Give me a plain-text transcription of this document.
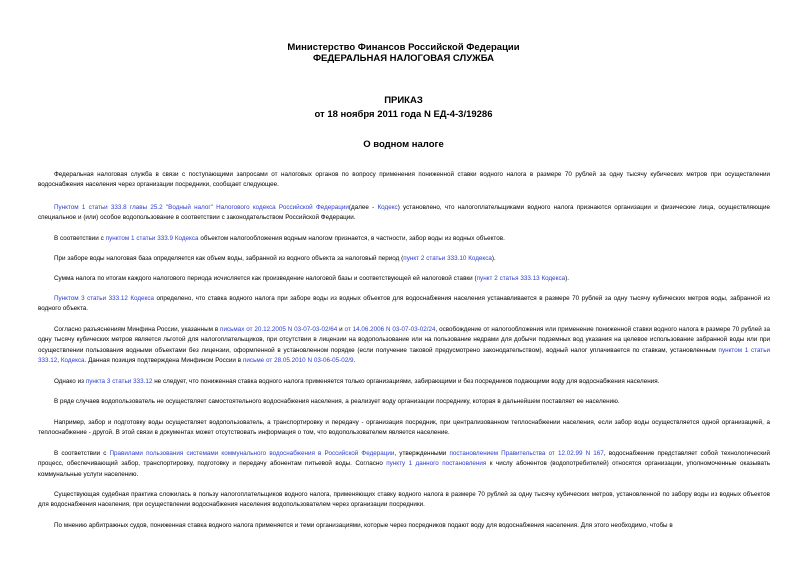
Министерство Финансов Российской Федерации
ФЕДЕРАЛЬНАЯ НАЛОГОВАЯ СЛУЖБА
ПРИКАЗ
от 18 ноября 2011 года N ЕД-4-3/19286
О водном налоге

Федеральная налоговая служба в связи с поступающими запросами от налоговых органов по вопросу применения пониженной ставки водного налога в размере 70 рублей за одну тысячу кубических метров при осуществлении водоснабжения населения через организации посредники, сообщает следующее.

Пунктом 1 статьи 333.8 главы 25.2 "Водный налог" Налогового кодекса Российской Федерации(далее - Кодекс) установлено, что налогоплательщиками водного налога признаются организации и физические лица, осуществляющие специальное и (или) особое водопользование в соответствии с законодательством Российской Федерации.

В соответствии с пунктом 1 статьи 333.9 Кодекса объектом налогообложения водным налогом признается, в частности, забор воды из водных объектов.

При заборе воды налоговая база определяется как объем воды, забранной из водного объекта за налоговый период (пункт 2 статьи 333.10 Кодекса).

Сумма налога по итогам каждого налогового периода исчисляется как произведение налоговой базы и соответствующей ей налоговой ставки (пункт 2 статья 333.13 Кодекса).

Пунктом 3 статьи 333.12 Кодекса определено, что ставка водного налога при заборе воды из водных объектов для водоснабжения населения устанавливается в размере 70 рублей за одну тысячу кубических метров воды, забранной из водного объекта.

Согласно разъяснениям Минфина России, указанным в письмах от 20.12.2005 N 03-07-03-02/64 и от 14.06.2006 N 03-07-03-02/24, освобождение от налогообложения или применение пониженной ставки водного налога в размере 70 рублей за одну тысячу кубических метров является льготой для налогоплательщиков, при отсутствии в лицензии на водопользование или на пользование недрами для добычи подземных вод указания на целевое использование забранной воды или при осуществлении пользования водными объектами без лицензии, оформленной в установленном порядке (если получение таковой предусмотрено законодательством), водный налог уплачивается по ставкам, установленным пунктом 1 статьи 333.12, Кодекса. Данная позиция подтверждена Минфином России в письме от 28.05.2010 N 03-06-05-02/9.

Однако из пункта 3 статьи 333.12 не следует, что пониженная ставка водного налога применяется только организациями, забирающими и без посредников подающими воду для водоснабжения населения.

В ряде случаев водопользователь не осуществляет самостоятельного водоснабжения населения, а реализует воду организации посреднику, которая в дальнейшем поставляет ее населению.

Например, забор и подготовку воды осуществляет водопользователь, а транспортировку и передачу - организация посредник, при централизованном теплоснабжении населения, если забор воды осуществляется одной организацией, а теплоснабжение - другой. В этой связи в документах может отсутствовать информация о том, что водопользователем является население.

В соответствии с Правилами пользования системами коммунального водоснабжения в Российской Федерации, утвержденными постановлением Правительства от 12.02.99 N 167, водоснабжение представляет собой технологический процесс, обеспечивающий забор, транспортировку, подготовку и передачу абонентам питьевой воды. Согласно пункту 1 данного постановления к числу абонентов (водопотребителей) относятся организации, уполномоченные оказывать коммунальные услуги населению.

Существующая судебная практика сложилась в пользу налогоплательщиков водного налога, применяющих ставку водного налога в размере 70 рублей за одну тысячу кубических метров, установленной по забору воды из водных объектов для водоснабжения населения, при осуществлении водоснабжения населения водопользователем через организации посредники.

По мнению арбитражных судов, пониженная ставка водного налога применяется и теми организациями, которые через посредников подают воду для водоснабжения населения. Для этого необходимо, чтобы в
